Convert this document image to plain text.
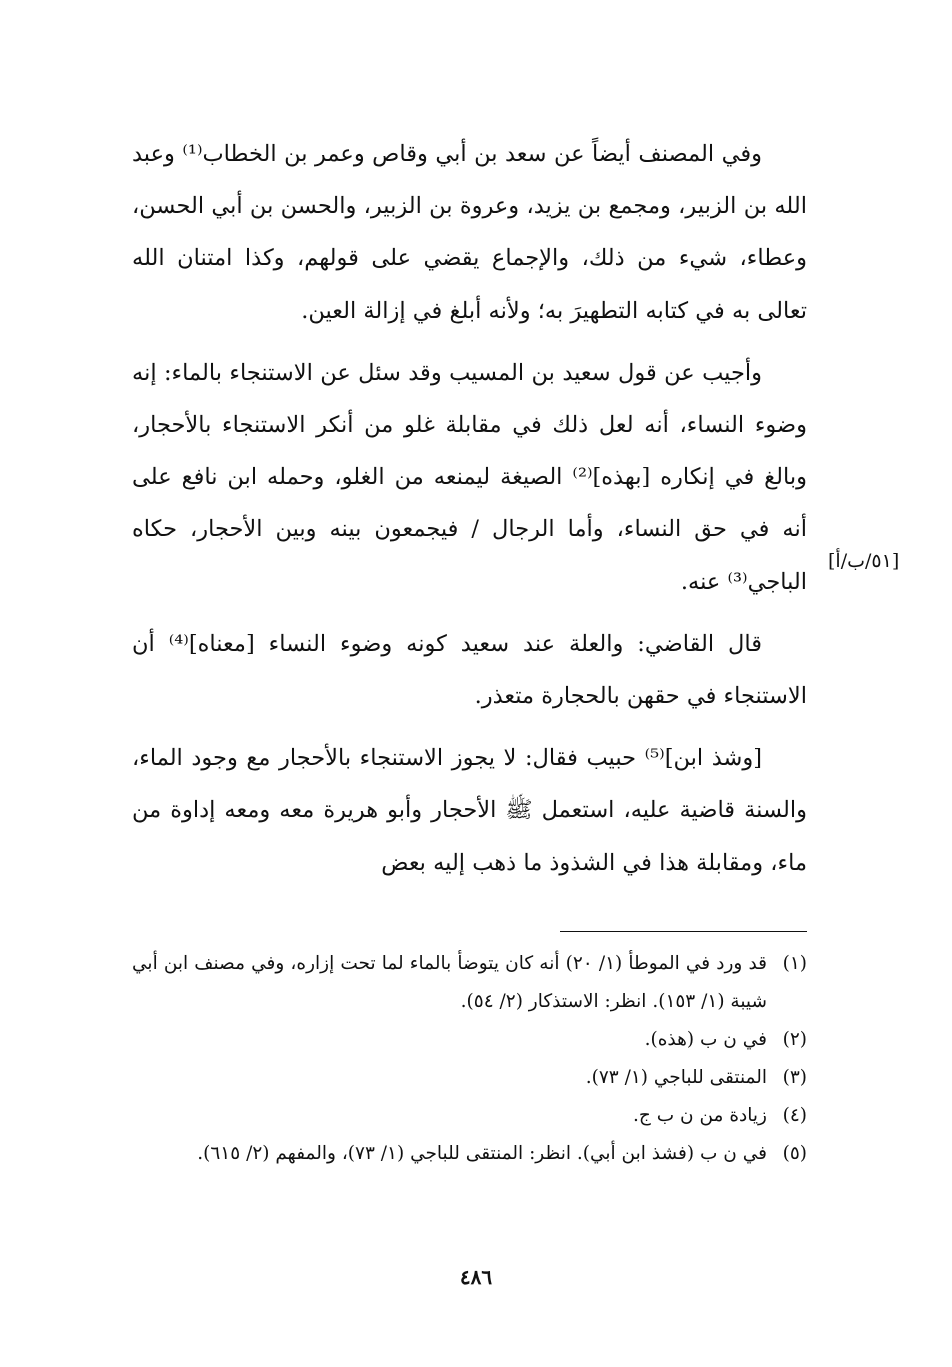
وفي المصنف أيضاً عن سعد بن أبي وقاص وعمر بن الخطاب⁽¹⁾ وعبد الله بن الزبير، ومجمع بن يزيد، وعروة بن الزبير، والحسن بن أبي الحسن، وعطاء، شيء من ذلك، والإجماع يقضي على قولهم، وكذا امتنان الله تعالى به في كتابه التطهيرَ به؛ ولأنه أبلغ في إزالة العين.

وأجيب عن قول سعيد بن المسيب وقد سئل عن الاستنجاء بالماء: إنه وضوء النساء، أنه لعل ذلك في مقابلة غلو من أنكر الاستنجاء بالأحجار، وبالغ في إنكاره [بهذه]⁽²⁾ الصيغة ليمنعه من الغلو، وحمله ابن نافع على أنه في حق النساء، وأما الرجال / فيجمعون بينه وبين الأحجار، حكاه الباجي⁽³⁾ عنه.

قال القاضي: والعلة عند سعيد كونه وضوء النساء [معناه]⁽⁴⁾ أن الاستنجاء في حقهن بالحجارة متعذر.

[وشذ ابن]⁽⁵⁾ حبيب فقال: لا يجوز الاستنجاء بالأحجار مع وجود الماء، والسنة قاضية عليه، استعمل ﷺ الأحجار وأبو هريرة معه ومعه إداوة من ماء، ومقابلة هذا في الشذوذ ما ذهب إليه بعض

[٥١/ب/أ]
(١)
قد ورد في الموطأ (١/ ٢٠) أنه كان يتوضأ بالماء لما تحت إزاره، وفي مصنف ابن أبي شيبة (١/ ١٥٣). انظر: الاستذكار (٢/ ٥٤).
(٢)
في ن ب (هذه).
(٣)
المنتقى للباجي (١/ ٧٣).
(٤)
زيادة من ن ب ج.
(٥)
في ن ب (فشذ ابن أبي). انظر: المنتقى للباجي (١/ ٧٣)، والمفهم (٢/ ٦١٥).
٤٨٦
